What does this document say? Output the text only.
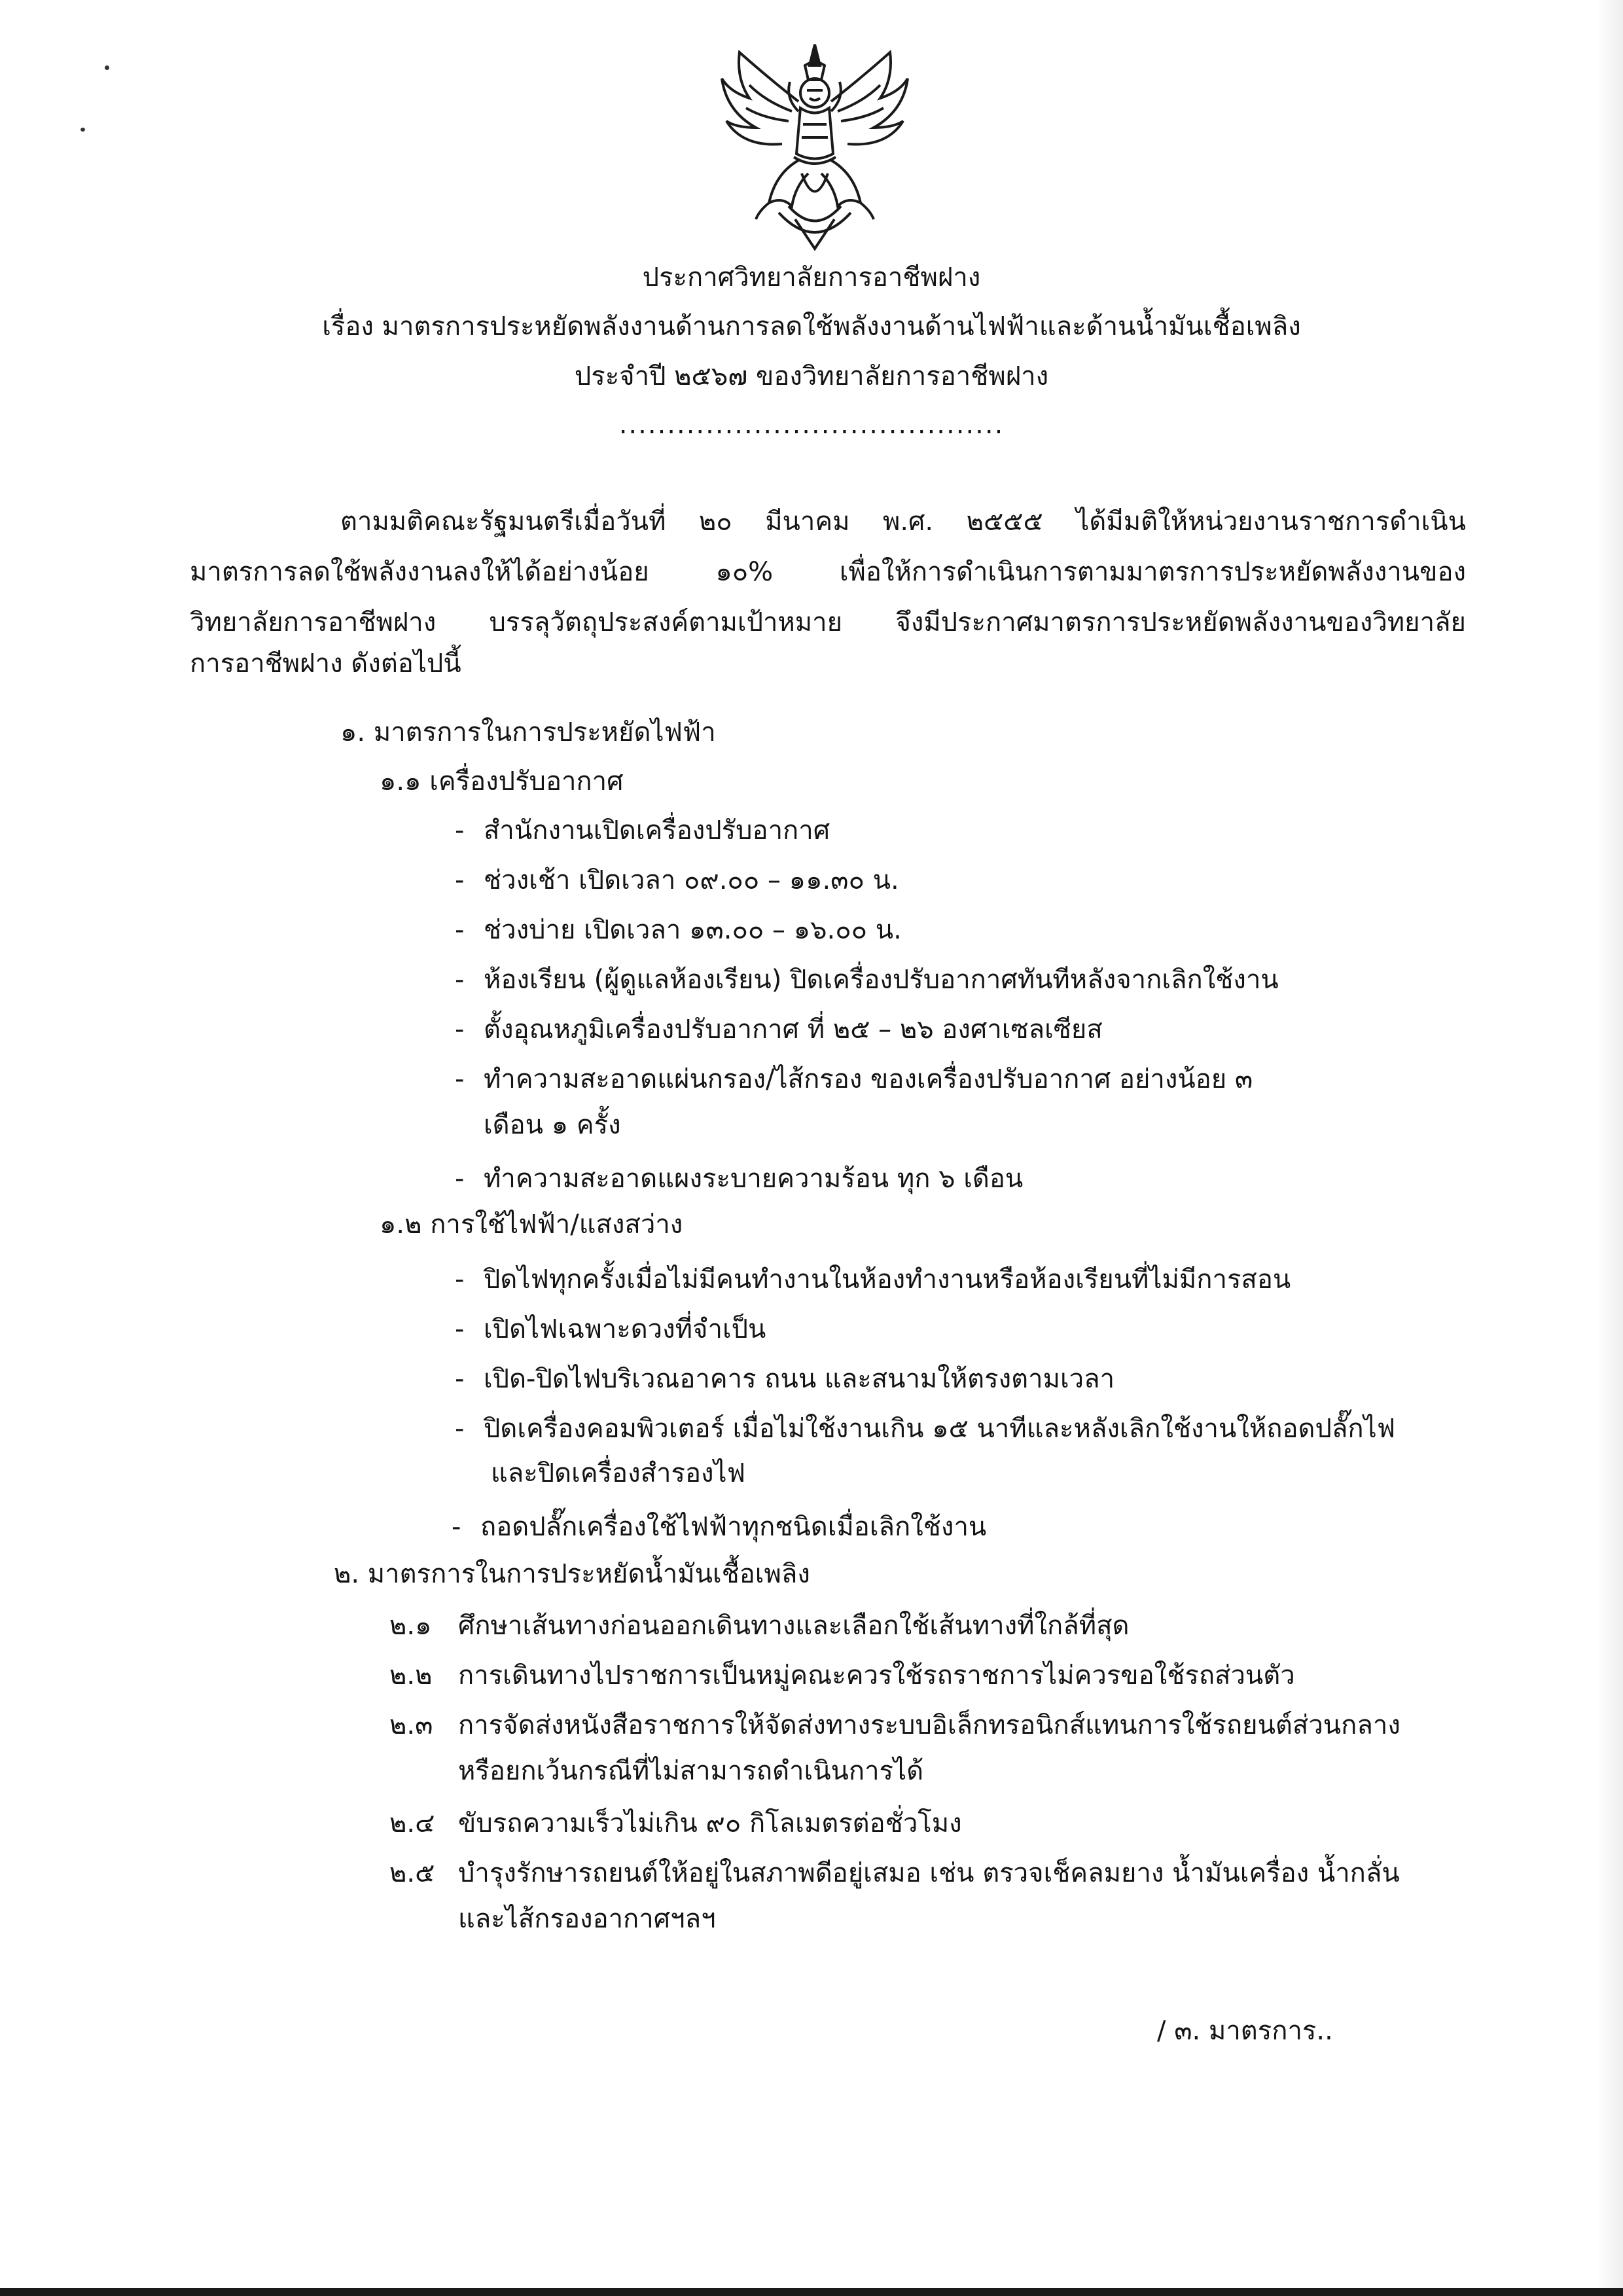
ประกาศวิทยาลัยการอาชีพฝาง
เรื่อง มาตรการประหยัดพลังงานด้านการลดใช้พลังงานด้านไฟฟ้าและด้านน้ำมันเชื้อเพลิง
ประจำปี ๒๕๖๗ ของวิทยาลัยการอาชีพฝาง
........................................
ตามมติคณะรัฐมนตรีเมื่อวันที่ ๒๐ มีนาคม พ.ศ. ๒๕๕๕ ได้มีมติให้หน่วยงานราชการดำเนิน
มาตรการลดใช้พลังงานลงให้ได้อย่างน้อย ๑๐% เพื่อให้การดำเนินการตามมาตรการประหยัดพลังงานของ
วิทยาลัยการอาชีพฝาง บรรลุวัตถุประสงค์ตามเป้าหมาย จึงมีประกาศมาตรการประหยัดพลังงานของวิทยาลัย
การอาชีพฝาง ดังต่อไปนี้
๑. มาตรการในการประหยัดไฟฟ้า
๑.๑ เครื่องปรับอากาศ
- สำนักงานเปิดเครื่องปรับอากาศ
- ช่วงเช้า เปิดเวลา ๐๙.๐๐ – ๑๑.๓๐ น.
- ช่วงบ่าย เปิดเวลา ๑๓.๐๐ – ๑๖.๐๐ น.
- ห้องเรียน (ผู้ดูแลห้องเรียน) ปิดเครื่องปรับอากาศทันทีหลังจากเลิกใช้งาน
- ตั้งอุณหภูมิเครื่องปรับอากาศ ที่ ๒๕ – ๒๖ องศาเซลเซียส
- ทำความสะอาดแผ่นกรอง/ไส้กรอง ของเครื่องปรับอากาศ อย่างน้อย ๓
เดือน ๑ ครั้ง
- ทำความสะอาดแผงระบายความร้อน ทุก ๖ เดือน
๑.๒ การใช้ไฟฟ้า/แสงสว่าง
- ปิดไฟทุกครั้งเมื่อไม่มีคนทำงานในห้องทำงานหรือห้องเรียนที่ไม่มีการสอน
- เปิดไฟเฉพาะดวงที่จำเป็น
- เปิด-ปิดไฟบริเวณอาคาร ถนน และสนามให้ตรงตามเวลา
- ปิดเครื่องคอมพิวเตอร์ เมื่อไม่ใช้งานเกิน ๑๕ นาทีและหลังเลิกใช้งานให้ถอดปลั๊กไฟ
และปิดเครื่องสำรองไฟ
- ถอดปลั๊กเครื่องใช้ไฟฟ้าทุกชนิดเมื่อเลิกใช้งาน
๒. มาตรการในการประหยัดน้ำมันเชื้อเพลิง
๒.๑ ศึกษาเส้นทางก่อนออกเดินทางและเลือกใช้เส้นทางที่ใกล้ที่สุด
๒.๒ การเดินทางไปราชการเป็นหมู่คณะควรใช้รถราชการไม่ควรขอใช้รถส่วนตัว
๒.๓ การจัดส่งหนังสือราชการให้จัดส่งทางระบบอิเล็กทรอนิกส์แทนการใช้รถยนต์ส่วนกลาง
หรือยกเว้นกรณีที่ไม่สามารถดำเนินการได้
๒.๔ ขับรถความเร็วไม่เกิน ๙๐ กิโลเมตรต่อชั่วโมง
๒.๕ บำรุงรักษารถยนต์ให้อยู่ในสภาพดีอยู่เสมอ เช่น ตรวจเช็คลมยาง น้ำมันเครื่อง น้ำกลั่น
และไส้กรองอากาศฯลฯ
/ ๓. มาตรการ..
